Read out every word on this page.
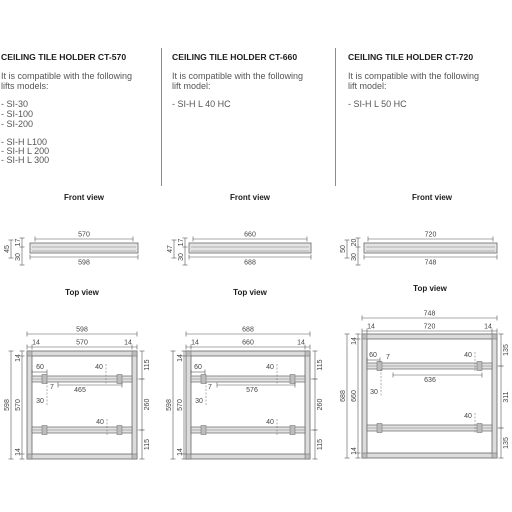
CEILING TILE HOLDER CT-570
It is compatible with the following
lifts models:
- SI-30
- SI-100
- SI-200
- SI-H L100
- SI-H L 200
- SI-H L 300
CEILING TILE HOLDER CT-660
It is compatible with the following
lift model:
- SI-H L 40 HC
CEILING TILE HOLDER CT-720
It is compatible with the following
lift model:
- SI-H L 50 HC
Front view
570
598
45
17
30
Top view
598
14	570	14
598
14
570
14
115
260
115
60
7
40
465
30
40
Front view
660
688
47
17
30
Top view
688
14	660	14
598
14
570
14
115
260
115
60
7
40
576
30
40
Front view
720
748
50
20
30
Top view
748
14	720	14
688
14
660
14
135
311
135
60 7	40
636
30
40
